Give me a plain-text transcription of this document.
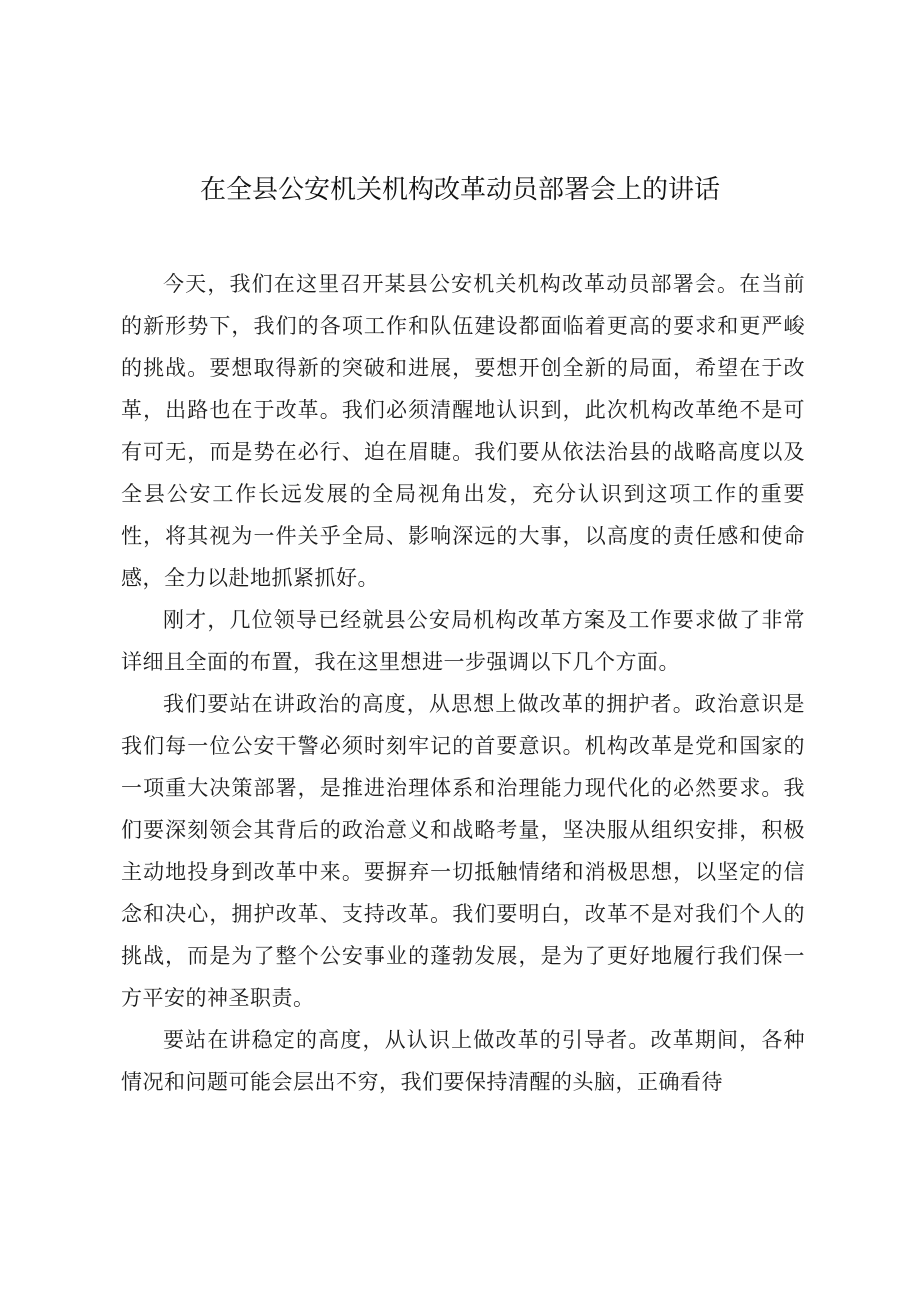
在全县公安机关机构改革动员部署会上的讲话

今天，我们在这里召开某县公安机关机构改革动员部署会。在当前的新形势下，我们的各项工作和队伍建设都面临着更高的要求和更严峻的挑战。要想取得新的突破和进展，要想开创全新的局面，希望在于改革，出路也在于改革。我们必须清醒地认识到，此次机构改革绝不是可有可无，而是势在必行、迫在眉睫。我们要从依法治县的战略高度以及全县公安工作长远发展的全局视角出发，充分认识到这项工作的重要性，将其视为一件关乎全局、影响深远的大事，以高度的责任感和使命感，全力以赴地抓紧抓好。

刚才，几位领导已经就县公安局机构改革方案及工作要求做了非常详细且全面的布置，我在这里想进一步强调以下几个方面。

我们要站在讲政治的高度，从思想上做改革的拥护者。政治意识是我们每一位公安干警必须时刻牢记的首要意识。机构改革是党和国家的一项重大决策部署，是推进治理体系和治理能力现代化的必然要求。我们要深刻领会其背后的政治意义和战略考量，坚决服从组织安排，积极主动地投身到改革中来。要摒弃一切抵触情绪和消极思想，以坚定的信念和决心，拥护改革、支持改革。我们要明白，改革不是对我们个人的挑战，而是为了整个公安事业的蓬勃发展，是为了更好地履行我们保一方平安的神圣职责。

要站在讲稳定的高度，从认识上做改革的引导者。改革期间，各种情况和问题可能会层出不穷，我们要保持清醒的头脑，正确看待
